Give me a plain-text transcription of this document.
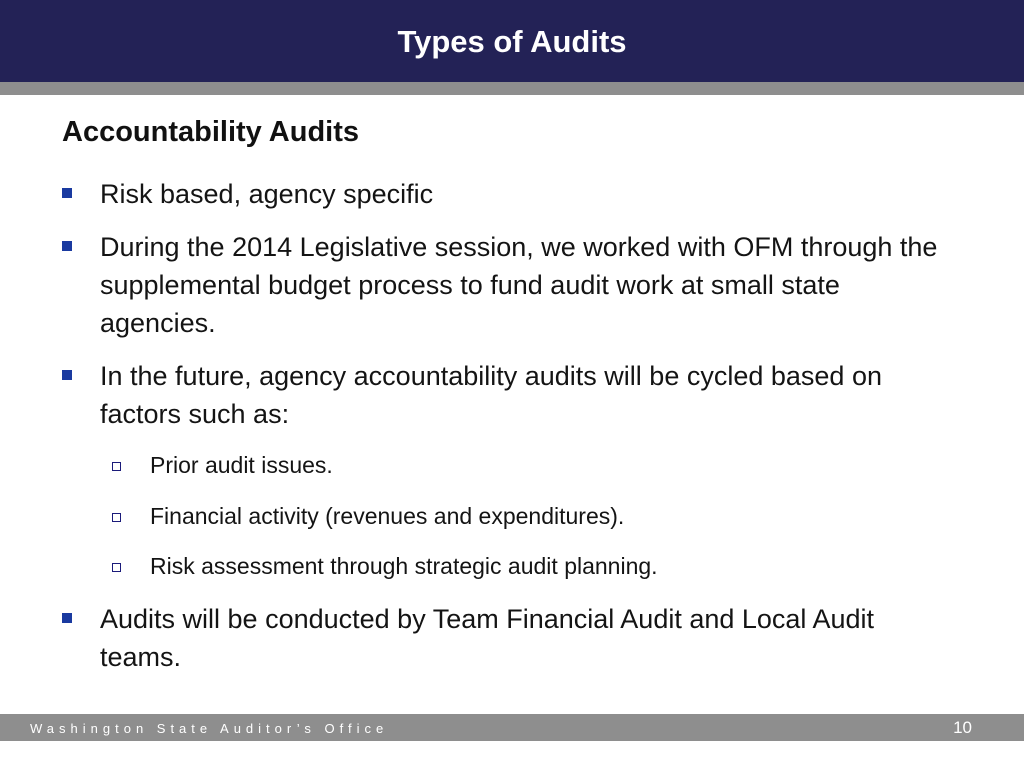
Types of Audits
Accountability Audits
Risk based, agency specific
During the 2014 Legislative session, we worked with OFM through the supplemental budget process to fund audit work at small state agencies.
In the future, agency accountability audits will be cycled based on factors such as:
Prior audit issues.
Financial activity (revenues and expenditures).
Risk assessment through strategic audit planning.
Audits will be conducted by Team Financial Audit and Local Audit teams.
Washington State Auditor’s Office	10
